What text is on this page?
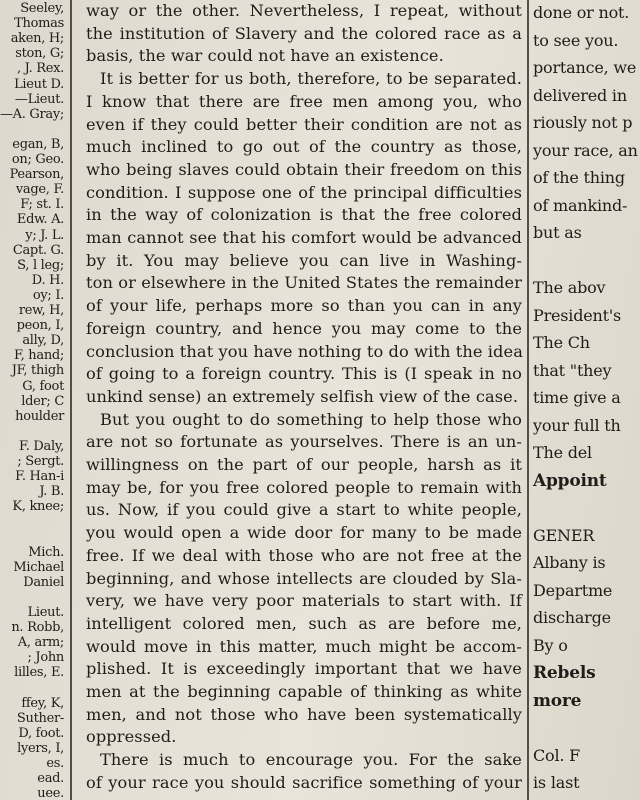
Seeley,
Thomas
aken, H;
ston, G;
, J. Rex.
Lieut D.
—Lieut.
—A. Gray;
egan, B,
on; Geo.
Pearson,
vage, F.
F; st. I.
Edw. A.
y; J. L.
Capt. G.
S, l leg;
D. H.
oy; I.
rew, H,
peon, I,
ally, D,
F, hand;
JF, thigh
G, foot
lder; C
houlder
F. Daly,
; Sergt.
F. Han-i
J. B.
K, knee;
Mich.
Michael
Daniel
Lieut.
n. Robb,
A, arm;
; John
lilles, E.
ffey, K,
Suther-
D, foot.
lyers, I,
es.
ead.
uee.
way or the other. Nevertheless, I repeat, without
the institution of Slavery and the colored race as a
basis, the war could not have an existence.
It is better for us both, therefore, to be separated.
I know that there are free men among you, who
even if they could better their condition are not as
much inclined to go out of the country as those,
who being slaves could obtain their freedom on this
condition. I suppose one of the principal difficulties
in the way of colonization is that the free colored
man cannot see that his comfort would be advanced
by it. You may believe you can live in Washing-
ton or elsewhere in the United States the remainder
of your life, perhaps more so than you can in any
foreign country, and hence you may come to the
conclusion that you have nothing to do with the idea
of going to a foreign country. This is (I speak in no
unkind sense) an extremely selfish view of the case.
But you ought to do something to help those who
are not so fortunate as yourselves. There is an un-
willingness on the part of our people, harsh as it
may be, for you free colored people to remain with
us. Now, if you could give a start to white people,
you would open a wide door for many to be made
free. If we deal with those who are not free at the
beginning, and whose intellects are clouded by Sla-
very, we have very poor materials to start with. If
intelligent colored men, such as are before me,
would move in this matter, much might be accom-
plished. It is exceedingly important that we have
men at the beginning capable of thinking as white
men, and not those who have been systematically
oppressed.
There is much to encourage you. For the sake
of your race you should sacrifice something of your
done or not.
to see you.
portance, we
delivered in
riously not p
your race, an
of the thing
of mankind-
but as
The abov
President's
The Ch
that "they
time give a
your full th
The del
Appoint
GENER
Albany is
Departme
discharge
By o
Rebels
more
Col. F
is last
